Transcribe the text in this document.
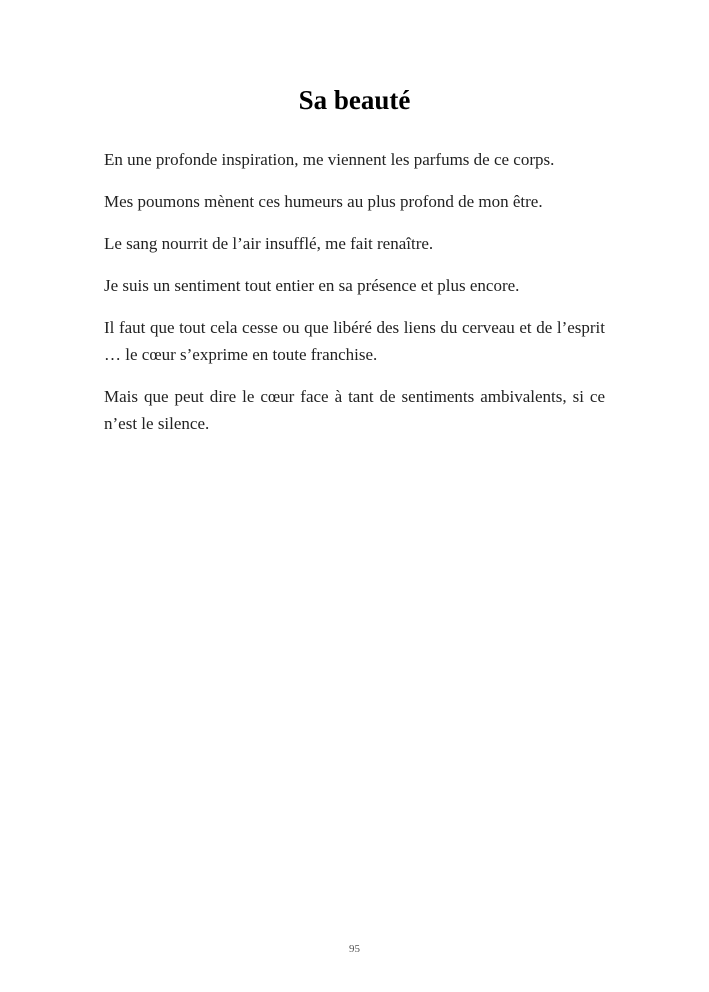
Sa beauté

En une profonde inspiration, me viennent les parfums de ce corps.

Mes poumons mènent ces humeurs au plus profond de mon être.

Le sang nourrit de l’air insufflé, me fait renaître.

Je suis un sentiment tout entier en sa présence et plus encore.

Il faut que tout cela cesse ou que libéré des liens du cerveau et de l’esprit … le cœur s’exprime en toute franchise.

Mais que peut dire le cœur face à tant de sentiments ambivalents, si ce n’est le silence.

95
